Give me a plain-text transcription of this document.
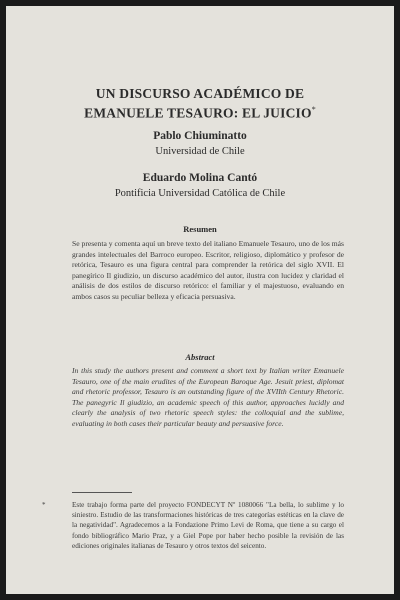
UN DISCURSO ACADÉMICO DE
EMANUELE TESAURO: EL JUICIO*
Pablo Chiuminatto
Universidad de Chile
Eduardo Molina Cantó
Pontificia Universidad Católica de Chile
Resumen
Se presenta y comenta aquí un breve texto del italiano Emanuele Tesauro, uno de los más grandes intelectuales del Barroco europeo. Escritor, religioso, diplomático y profesor de retórica, Tesauro es una figura central para comprender la retórica del siglo XVII. El panegírico Il giudizio, un discurso académico del autor, ilustra con lucidez y claridad el análisis de dos estilos de discurso retórico: el familiar y el majestuoso, evaluando en ambos casos su peculiar belleza y eficacia persuasiva.
Abstract
In this study the authors present and comment a short text by Italian writer Emanuele Tesauro, one of the main erudites of the European Baroque Age. Jesuit priest, diplomat and rhetoric professor, Tesauro is an outstanding figure of the XVIIth Century Rhetoric. The panegyric Il giudizio, an academic speech of this author, approaches lucidly and clearly the analysis of two rhetoric speech styles: the colloquial and the sublime, evaluating in both cases their particular beauty and persuasive force.
*	Este trabajo forma parte del proyecto FONDECYT Nº 1080066 "La bella, lo sublime y lo siniestro. Estudio de las transformaciones históricas de tres categorías estéticas en la clave de la negatividad". Agradecemos a la Fondazione Primo Levi de Roma, que tiene a su cargo el fondo bibliográfico Mario Praz, y a Giel Pope por haber hecho posible la revisión de las ediciones originales italianas de Tesauro y otros textos del seicento.
